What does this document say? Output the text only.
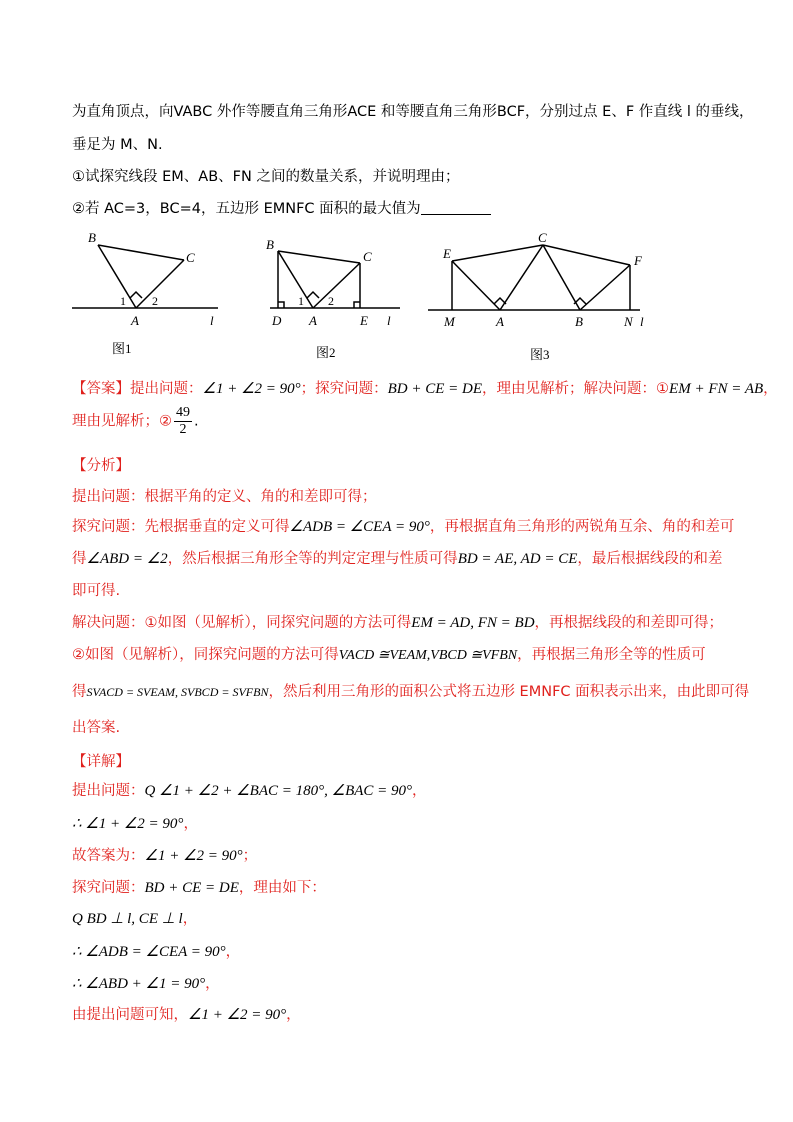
为直角顶点，向VABC 外作等腰直角三角形ACE 和等腰直角三角形BCF，分别过点 E、F 作直线 l 的垂线，
垂足为 M、N.
①试探究线段 EM、AB、FN 之间的数量关系，并说明理由；
②若 AC=3，BC=4，五边形 EMNFC 面积的最大值为
B
C
1 2
A	l
图1
B
C
1 2
D A	E l
图2
E
C
F
M	A	B	N l
图3
【答案】提出问题：∠1 + ∠2 = 90°；探究问题：BD + CE = DE，理由见解析；解决问题：①EM + FN = AB，
理由见解析；② $\frac{49}{2}$ .
【分析】
提出问题：根据平角的定义、角的和差即可得；
探究问题：先根据垂直的定义可得∠ADB = ∠CEA = 90°，再根据直角三角形的两锐角互余、角的和差可
得∠ABD = ∠2，然后根据三角形全等的判定定理与性质可得BD = AE, AD = CE，最后根据线段的和差
即可得.
解决问题：①如图（见解析），同探究问题的方法可得EM = AD, FN = BD，再根据线段的和差即可得；
②如图（见解析），同探究问题的方法可得VACD ≅VEAM,VBCD ≅VFBN，再根据三角形全等的性质可
得SVACD = SVEAM, SVBCD = SVFBN，然后利用三角形的面积公式将五边形 EMNFC 面积表示出来，由此即可得
出答案.
【详解】
提出问题：Q ∠1 + ∠2 + ∠BAC = 180°, ∠BAC = 90°，
∴ ∠1 + ∠2 = 90°，
故答案为：∠1 + ∠2 = 90°；
探究问题：BD + CE = DE，理由如下：
Q BD ⊥ l, CE ⊥ l，
∴ ∠ADB = ∠CEA = 90°，
∴ ∠ABD + ∠1 = 90°，
由提出问题可知，∠1 + ∠2 = 90°，
